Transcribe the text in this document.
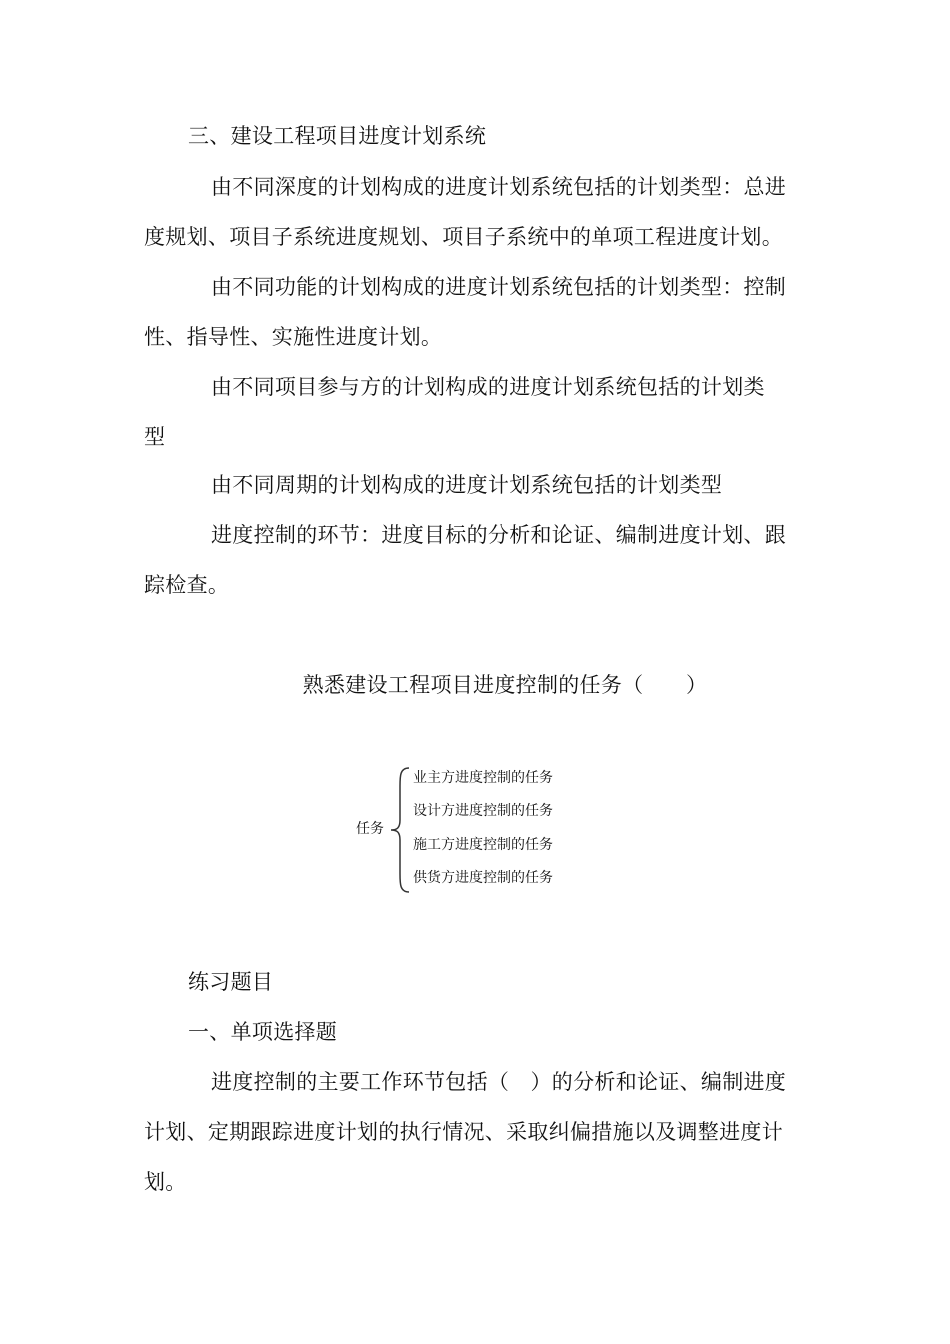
三、建设工程项目进度计划系统
由不同深度的计划构成的进度计划系统包括的计划类型：总进
度规划、项目子系统进度规划、项目子系统中的单项工程进度计划。
由不同功能的计划构成的进度计划系统包括的计划类型：控制
性、指导性、实施性进度计划。
由不同项目参与方的计划构成的进度计划系统包括的计划类
型
由不同周期的计划构成的进度计划系统包括的计划类型
进度控制的环节：进度目标的分析和论证、编制进度计划、跟
踪检查。
熟悉建设工程项目进度控制的任务（　　）
任务
业主方进度控制的任务
设计方进度控制的任务
施工方进度控制的任务
供货方进度控制的任务
练习题目
一、单项选择题
进度控制的主要工作环节包括（　）的分析和论证、编制进度
计划、定期跟踪进度计划的执行情况、采取纠偏措施以及调整进度计
划。
